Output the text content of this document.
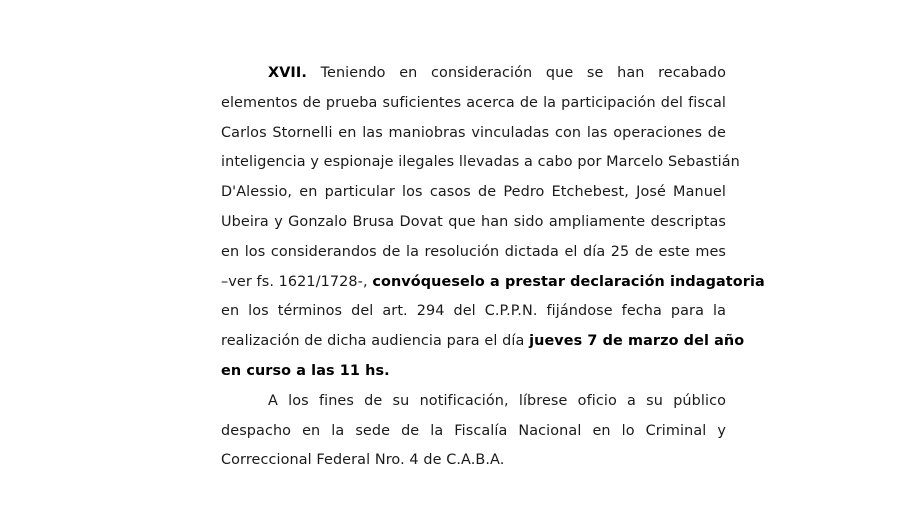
XVII. Teniendo en consideración que se han recabado
elementos de prueba suficientes acerca de la participación del fiscal
Carlos Stornelli en las maniobras vinculadas con las operaciones de
inteligencia y espionaje ilegales llevadas a cabo por Marcelo Sebastián
D'Alessio, en particular los casos de Pedro Etchebest, José Manuel
Ubeira y Gonzalo Brusa Dovat que han sido ampliamente descriptas
en los considerandos de la resolución dictada el día 25 de este mes
–ver fs. 1621/1728-, convóqueselo a prestar declaración indagatoria
en los términos del art. 294 del C.P.P.N. fijándose fecha para la
realización de dicha audiencia para el día jueves 7 de marzo del año
en curso a las 11 hs.
A los fines de su notificación, líbrese oficio a su público
despacho en la sede de la Fiscalía Nacional en lo Criminal y
Correccional Federal Nro. 4 de C.A.B.A.
